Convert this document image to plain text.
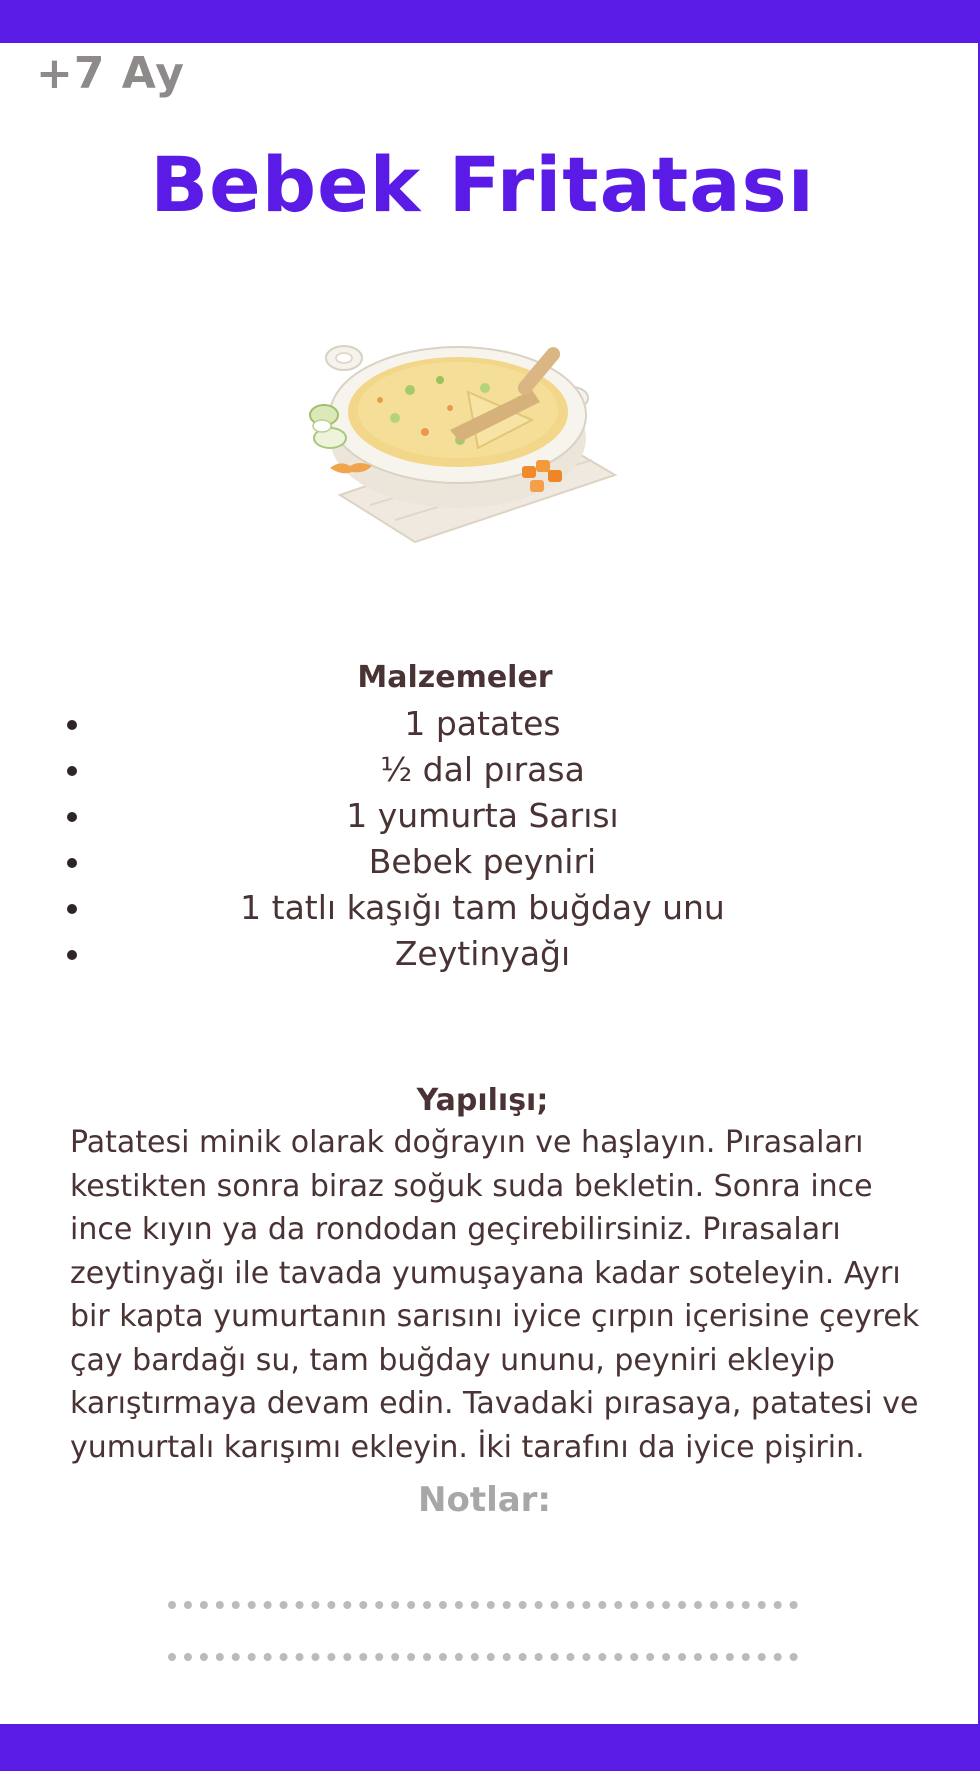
+7 Ay
Bebek Fritatası
Malzemeler
1 patates
½ dal pırasa
1 yumurta Sarısı
Bebek peyniri
1 tatlı kaşığı tam buğday unu
Zeytinyağı
Yapılışı;

Patatesi minik olarak doğrayın ve haşlayın. Pırasaları kestikten sonra biraz soğuk suda bekletin. Sonra ince ince kıyın ya da rondodan geçirebilirsiniz. Pırasaları zeytinyağı ile tavada yumuşayana kadar soteleyin. Ayrı bir kapta yumurtanın sarısını iyice çırpın içerisine çeyrek çay bardağı su, tam buğday ununu, peyniri ekleyip karıştırmaya devam edin. Tavadaki pırasaya, patatesi ve yumurtalı karışımı ekleyin. İki tarafını da iyice pişirin.

Notlar:
